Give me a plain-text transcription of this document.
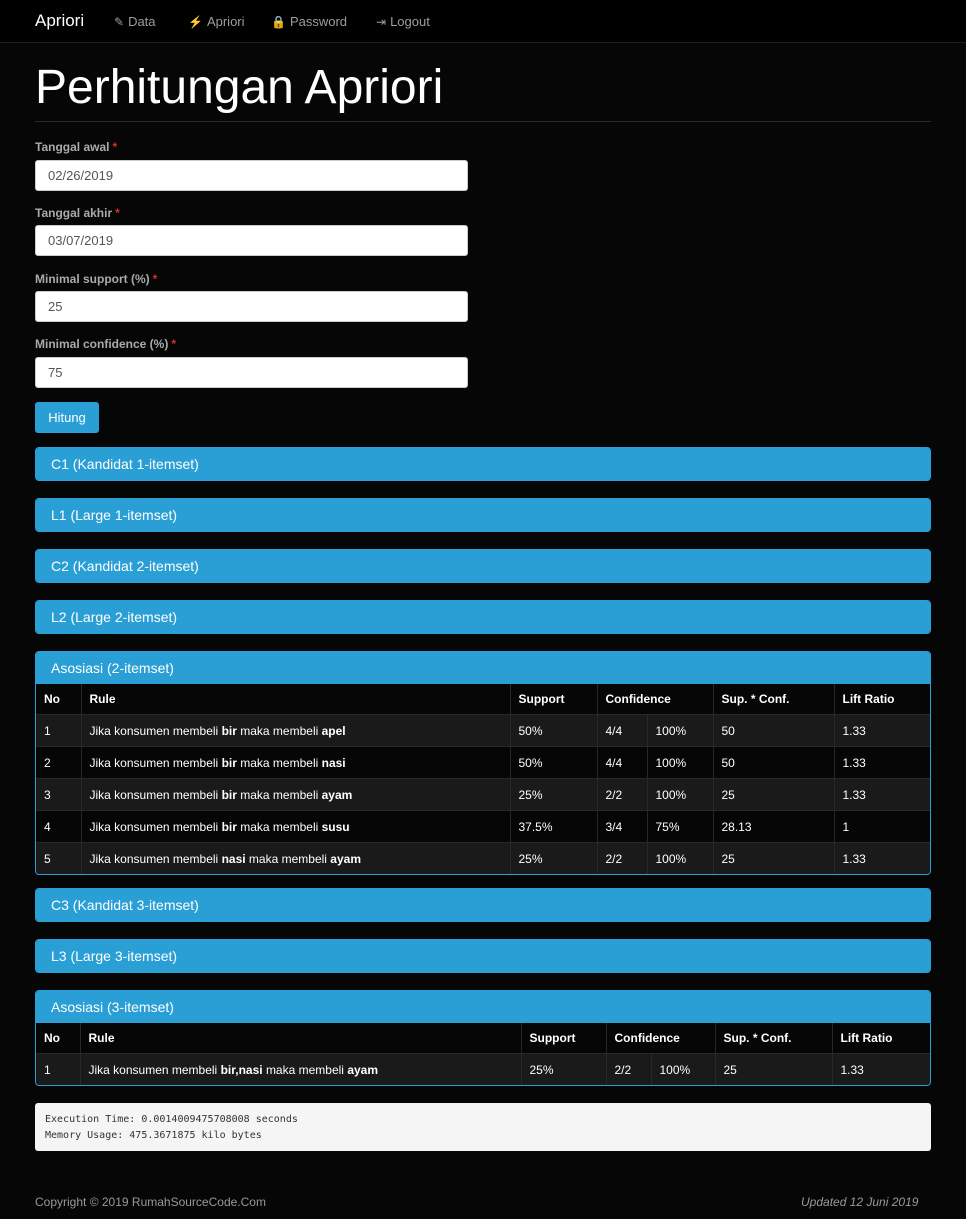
Apriori ✎ Data	⚡ Apriori 🔒 Password ⇥ Logout
Perhitungan Apriori
Tanggal awal *
02/26/2019
Tanggal akhir *
03/07/2019
Minimal support (%) *
25
Minimal confidence (%) *
75
Hitung
C1 (Kandidat 1-itemset)
L1 (Large 1-itemset)
C2 (Kandidat 2-itemset)
L2 (Large 2-itemset)
Asosiasi (2-itemset)
No	Rule	Support	Confidence		Sup. * Conf.	Lift Ratio
1	Jika konsumen membeli bir maka membeli apel	50%	4/4	100%	50	1.33
2	Jika konsumen membeli bir maka membeli nasi	50%	4/4	100%	50	1.33
3	Jika konsumen membeli bir maka membeli ayam	25%	2/2	100%	25	1.33
4	Jika konsumen membeli bir maka membeli susu	37.5%	3/4	75%	28.13	1
5	Jika konsumen membeli nasi maka membeli ayam	25%	2/2	100%	25	1.33
C3 (Kandidat 3-itemset)
L3 (Large 3-itemset)
Asosiasi (3-itemset)
No	Rule	Support	Confidence		Sup. * Conf.	Lift Ratio
1	Jika konsumen membeli bir,nasi maka membeli ayam	25%	2/2	100%	25	1.33
Execution Time: 0.0014009475708008 seconds
Memory Usage: 475.3671875 kilo bytes
Copyright © 2019 RumahSourceCode.Com	Updated 12 Juni 2019
